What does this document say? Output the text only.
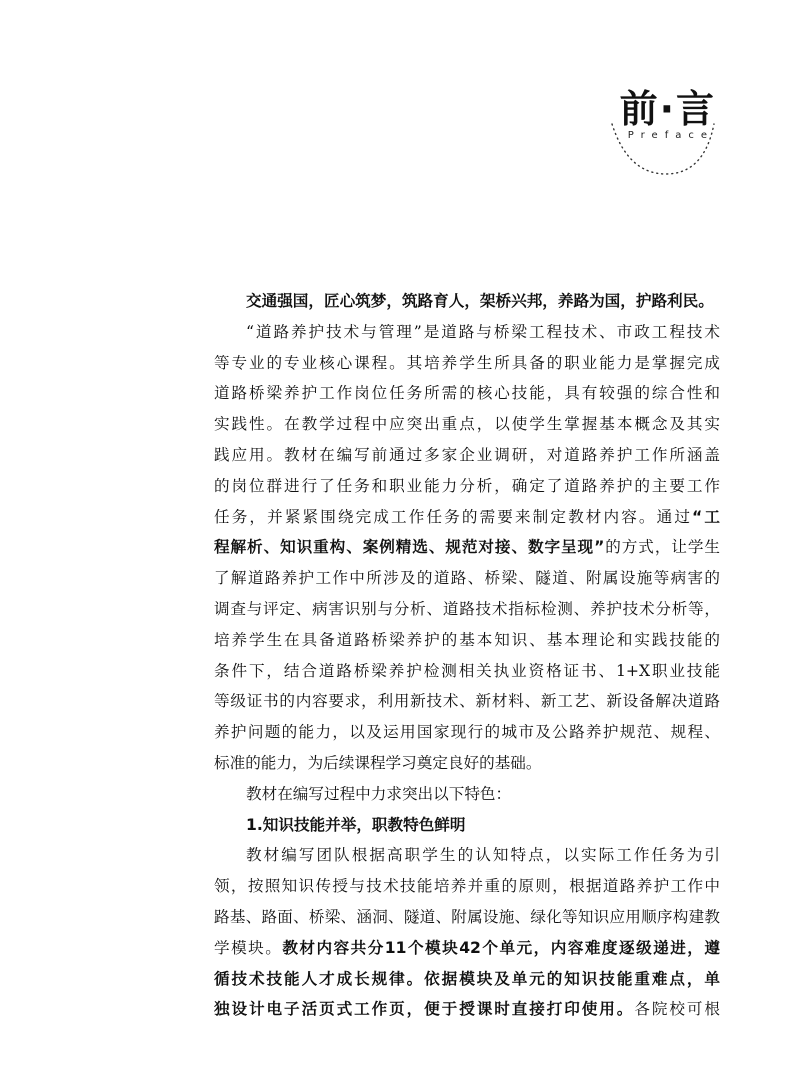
前·言
Preface
交通强国，匠心筑梦，筑路育人，架桥兴邦，养路为国，护路利民。
“道路养护技术与管理”是道路与桥梁工程技术、市政工程技术
等专业的专业核心课程。其培养学生所具备的职业能力是掌握完成
道路桥梁养护工作岗位任务所需的核心技能，具有较强的综合性和
实践性。在教学过程中应突出重点，以使学生掌握基本概念及其实
践应用。教材在编写前通过多家企业调研，对道路养护工作所涵盖
的岗位群进行了任务和职业能力分析，确定了道路养护的主要工作
任务，并紧紧围绕完成工作任务的需要来制定教材内容。通过“工
程解析、知识重构、案例精选、规范对接、数字呈现”的方式，让学生
了解道路养护工作中所涉及的道路、桥梁、隧道、附属设施等病害的
调查与评定、病害识别与分析、道路技术指标检测、养护技术分析等，
培养学生在具备道路桥梁养护的基本知识、基本理论和实践技能的
条件下，结合道路桥梁养护检测相关执业资格证书、1+X职业技能
等级证书的内容要求，利用新技术、新材料、新工艺、新设备解决道路
养护问题的能力，以及运用国家现行的城市及公路养护规范、规程、
标准的能力，为后续课程学习奠定良好的基础。
教材在编写过程中力求突出以下特色：
1.知识技能并举，职教特色鲜明
教材编写团队根据高职学生的认知特点，以实际工作任务为引
领，按照知识传授与技术技能培养并重的原则，根据道路养护工作中
路基、路面、桥梁、涵洞、隧道、附属设施、绿化等知识应用顺序构建教
学模块。教材内容共分11个模块42个单元，内容难度逐级递进，遵
循技术技能人才成长规律。依据模块及单元的知识技能重难点，单
独设计电子活页式工作页，便于授课时直接打印使用。各院校可根
